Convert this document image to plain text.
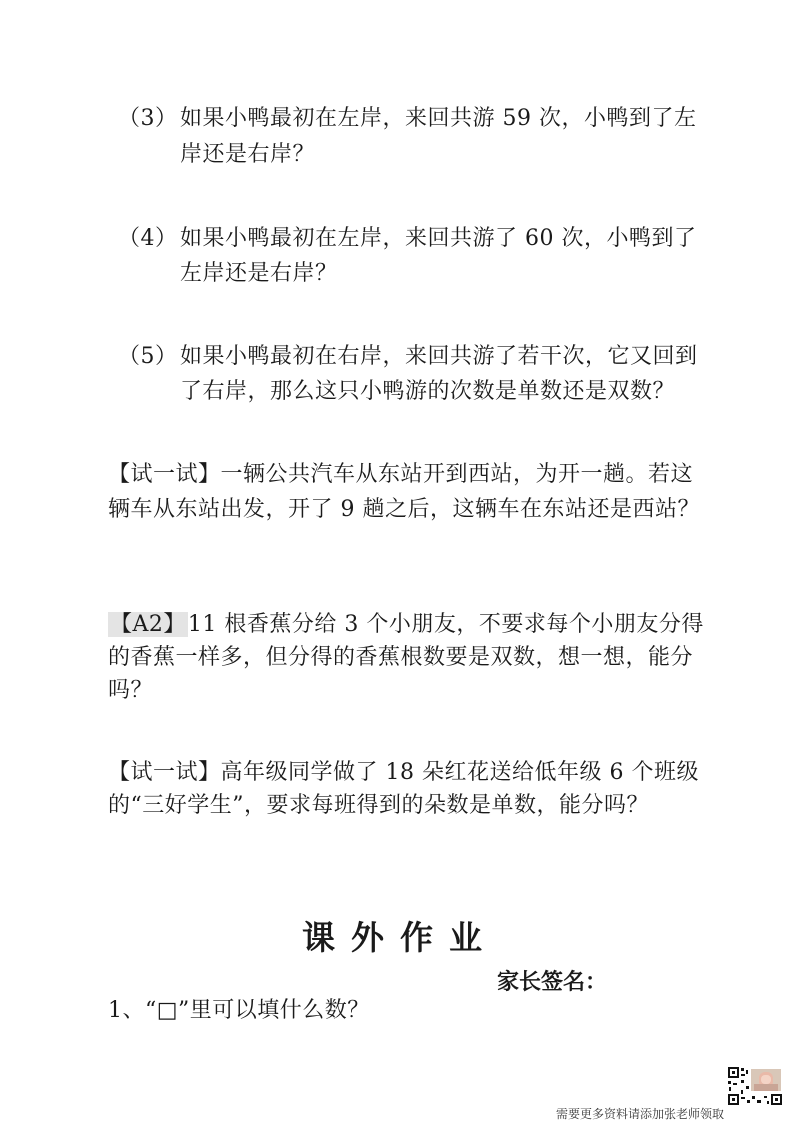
（3） 如果小鸭最初在左岸，来回共游 59 次，小鸭到了左
岸还是右岸？
（4） 如果小鸭最初在左岸，来回共游了 60 次，小鸭到了
左岸还是右岸？
（5） 如果小鸭最初在右岸，来回共游了若干次，它又回到
了右岸，那么这只小鸭游的次数是单数还是双数？
【试一试】一辆公共汽车从东站开到西站，为开一趟。若这
辆车从东站出发，开了 9 趟之后，这辆车在东站还是西站？
【A2】11 根香蕉分给 3 个小朋友，不要求每个小朋友分得
的香蕉一样多，但分得的香蕉根数要是双数，想一想，能分
吗？
【试一试】高年级同学做了 18 朵红花送给低年级 6 个班级
的“三好学生”，要求每班得到的朵数是单数，能分吗？
课外作业
家长签名：
1、“□”里可以填什么数？
需要更多资料请添加张老师领取
